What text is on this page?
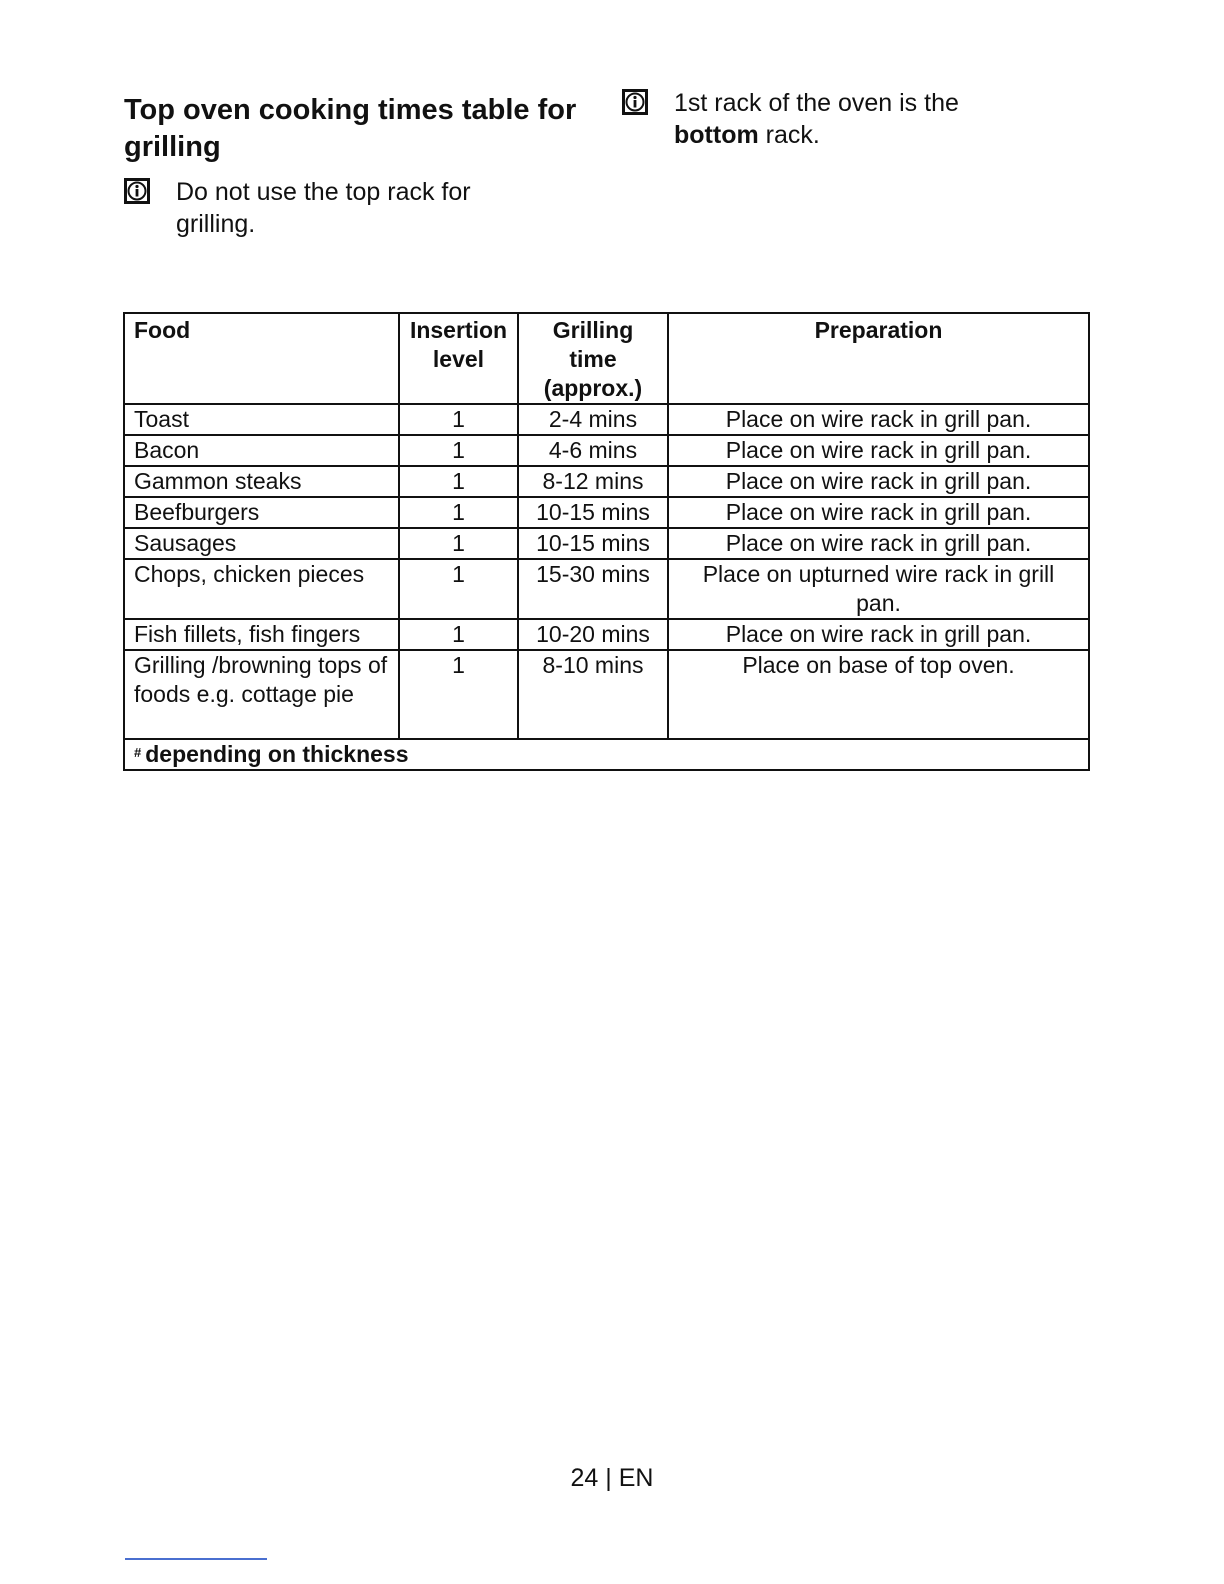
Top oven cooking times table for grilling
Do not use the top rack for grilling.
1st rack of the oven is the bottom rack.
Food	Insertion level	Grilling time (approx.)	Preparation
Toast	1	2-4 mins	Place on wire rack in grill pan.
Bacon	1	4-6 mins	Place on wire rack in grill pan.
Gammon steaks	1	8-12 mins	Place on wire rack in grill pan.
Beefburgers	1	10-15 mins	Place on wire rack in grill pan.
Sausages	1	10-15 mins	Place on wire rack in grill pan.
Chops, chicken pieces	1	15-30 mins	Place on upturned wire rack in grill pan.
Fish fillets, fish fingers	1	10-20 mins	Place on wire rack in grill pan.
Grilling /browning tops of foods e.g. cottage pie	1	8-10 mins	Place on base of top oven.
# depending on thickness			
24 | EN
